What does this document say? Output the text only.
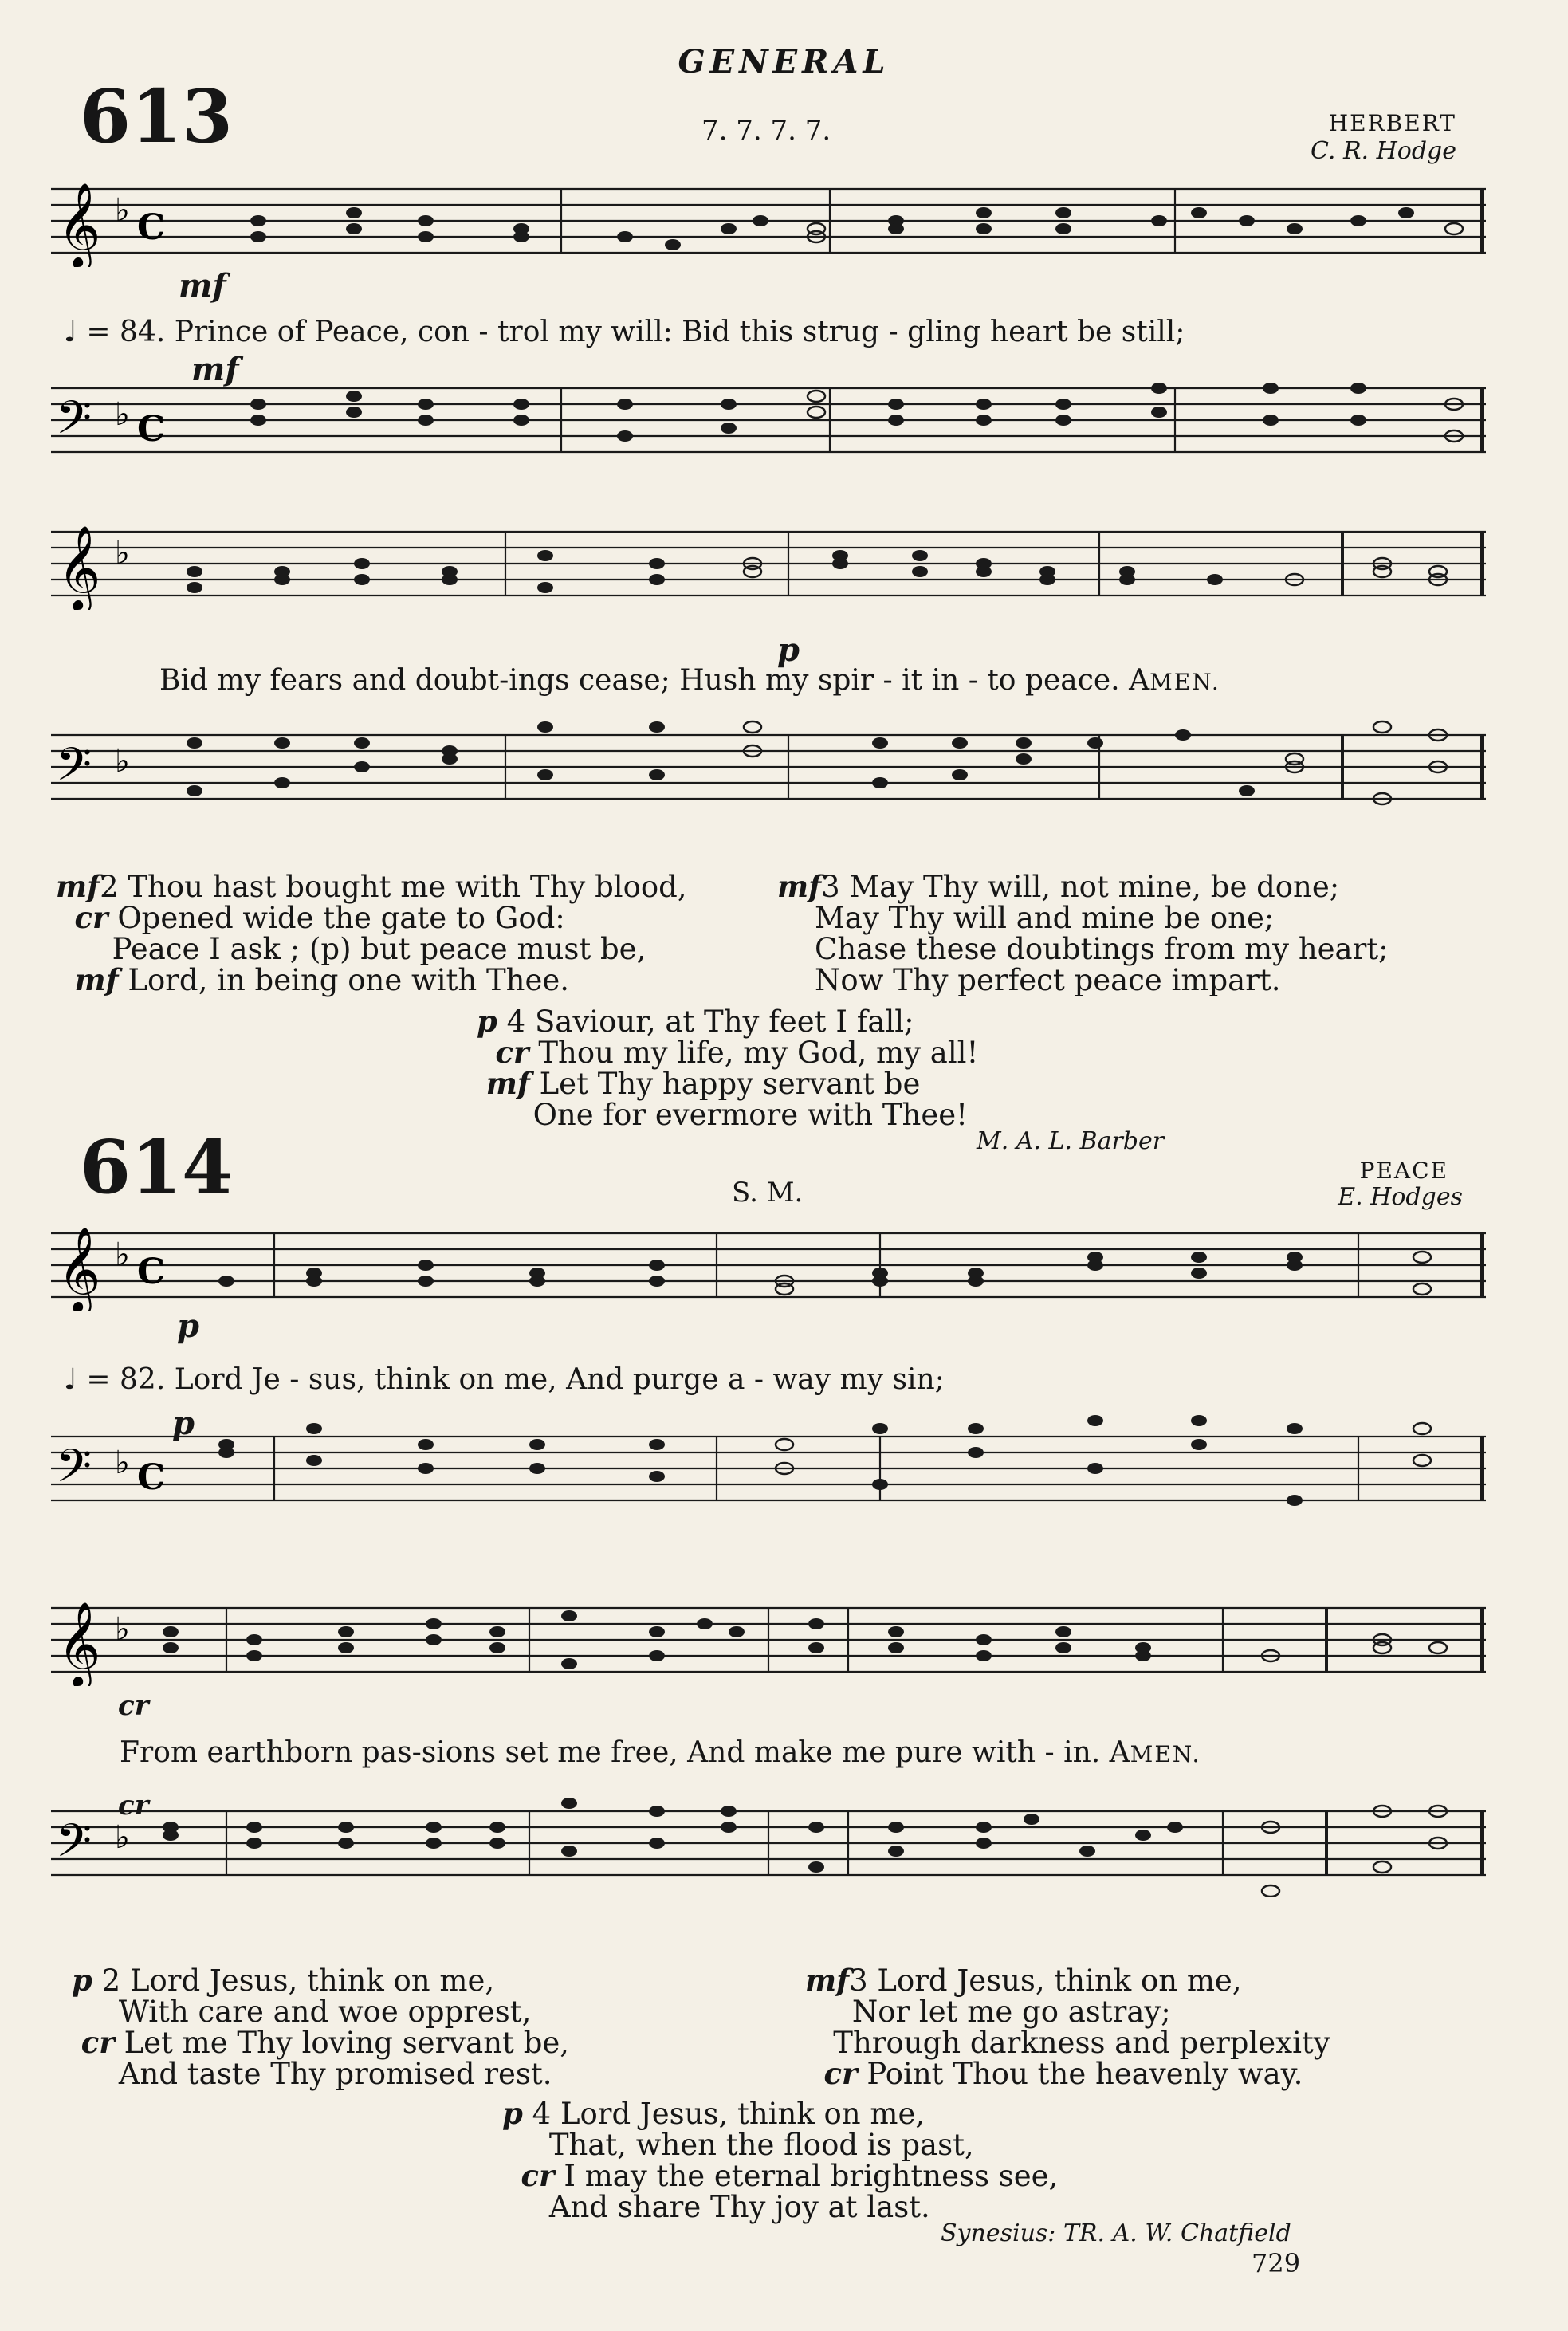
GENERAL
613	7. 7. 7. 7.	HERBERT
C. R. Hodge
𝄞 ♭ C
♩ = 84. Prince of Peace, con - trol my will: Bid this strug - gling heart be still;
mf
𝄢 ♭ C
mf
𝄞 ♭
p
Bid my fears and doubt-ings cease; Hush my spir - it in - to peace. AMEN.
𝄢 ♭
mf2 Thou hast bought me with Thy blood,
cr Opened wide the gate to God:
Peace I ask ; (p) but peace must be,
mf Lord, in being one with Thee.
mf3 May Thy will, not mine, be done;
May Thy will and mine be one;
Chase these doubtings from my heart;
Now Thy perfect peace impart.
p 4 Saviour, at Thy feet I fall;
cr Thou my life, my God, my all!
mf Let Thy happy servant be
One for evermore with Thee!
M. A. L. Barber
614	S. M.
PEACE
E. Hodges
𝄞 ♭ C
p
♩ = 82. Lord Je - sus, think on me, And purge a - way my sin;
𝄢 ♭ C
p
𝄞 ♭
cr
From earthborn pas-sions set me free, And make me pure with - in. AMEN.
𝄢 ♭
cr
p 2 Lord Jesus, think on me,
With care and woe opprest,
cr Let me Thy loving servant be,
And taste Thy promised rest.
mf3 Lord Jesus, think on me,
Nor let me go astray;
Through darkness and perplexity
cr Point Thou the heavenly way.
p 4 Lord Jesus, think on me,
That, when the flood is past,
cr I may the eternal brightness see,
And share Thy joy at last.
Synesius: TR. A. W. Chatfield
729
